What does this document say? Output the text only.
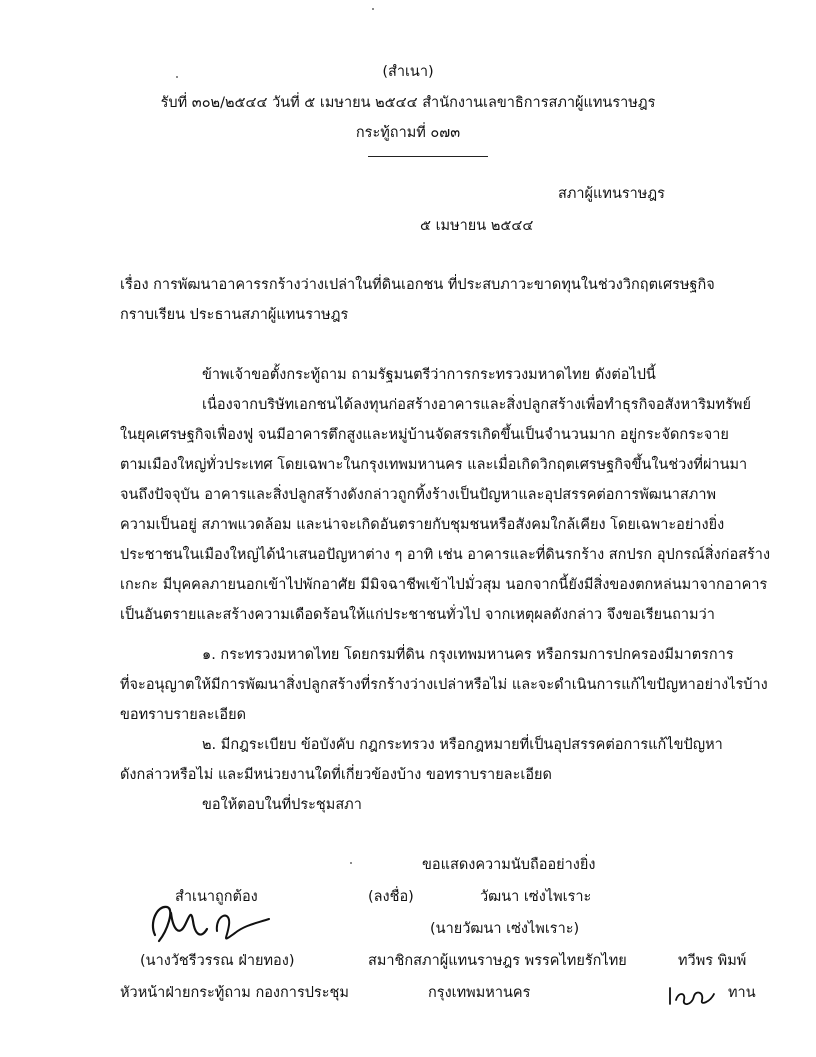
(สำเนา)
รับที่ ๓๐๒/๒๕๔๔ วันที่ ๕ เมษายน ๒๕๔๔ สำนักงานเลขาธิการสภาผู้แทนราษฎร
กระทู้ถามที่ ๐๗๓
สภาผู้แทนราษฎร
๕ เมษายน ๒๕๔๔
เรื่อง การพัฒนาอาคารรกร้างว่างเปล่าในที่ดินเอกชน ที่ประสบภาวะขาดทุนในช่วงวิกฤตเศรษฐกิจ
กราบเรียน ประธานสภาผู้แทนราษฎร
ข้าพเจ้าขอตั้งกระทู้ถาม ถามรัฐมนตรีว่าการกระทรวงมหาดไทย ดังต่อไปนี้
เนื่องจากบริษัทเอกชนได้ลงทุนก่อสร้างอาคารและสิ่งปลูกสร้างเพื่อทำธุรกิจอสังหาริมทรัพย์
ในยุคเศรษฐกิจเฟื่องฟู จนมีอาคารตึกสูงและหมู่บ้านจัดสรรเกิดขึ้นเป็นจำนวนมาก อยู่กระจัดกระจาย
ตามเมืองใหญ่ทั่วประเทศ โดยเฉพาะในกรุงเทพมหานคร และเมื่อเกิดวิกฤตเศรษฐกิจขึ้นในช่วงที่ผ่านมา
จนถึงปัจจุบัน อาคารและสิ่งปลูกสร้างดังกล่าวถูกทิ้งร้างเป็นปัญหาและอุปสรรคต่อการพัฒนาสภาพ
ความเป็นอยู่ สภาพแวดล้อม และน่าจะเกิดอันตรายกับชุมชนหรือสังคมใกล้เคียง โดยเฉพาะอย่างยิ่ง
ประชาชนในเมืองใหญ่ได้นำเสนอปัญหาต่าง ๆ อาทิ เช่น อาคารและที่ดินรกร้าง สกปรก อุปกรณ์สิ่งก่อสร้าง
เกะกะ มีบุคคลภายนอกเข้าไปพักอาศัย มีมิจฉาชีพเข้าไปมั่วสุม นอกจากนี้ยังมีสิ่งของตกหล่นมาจากอาคาร
เป็นอันตรายและสร้างความเดือดร้อนให้แก่ประชาชนทั่วไป จากเหตุผลดังกล่าว จึงขอเรียนถามว่า
๑. กระทรวงมหาดไทย โดยกรมที่ดิน กรุงเทพมหานคร หรือกรมการปกครองมีมาตรการ
ที่จะอนุญาตให้มีการพัฒนาสิ่งปลูกสร้างที่รกร้างว่างเปล่าหรือไม่ และจะดำเนินการแก้ไขปัญหาอย่างไรบ้าง
ขอทราบรายละเอียด
๒. มีกฎระเบียบ ข้อบังคับ กฎกระทรวง หรือกฎหมายที่เป็นอุปสรรคต่อการแก้ไขปัญหา
ดังกล่าวหรือไม่ และมีหน่วยงานใดที่เกี่ยวข้องบ้าง ขอทราบรายละเอียด
ขอให้ตอบในที่ประชุมสภา
ขอแสดงความนับถืออย่างยิ่ง
(ลงชื่อ)	วัฒนา เซ่งไพเราะ
(นายวัฒนา เซ่งไพเราะ)
สมาชิกสภาผู้แทนราษฎร พรรคไทยรักไทย
กรุงเทพมหานคร
สำเนาถูกต้อง
(นางวัชรีวรรณ ฝ่ายทอง)
หัวหน้าฝ่ายกระทู้ถาม กองการประชุม
ทวีพร พิมพ์
ทาน
